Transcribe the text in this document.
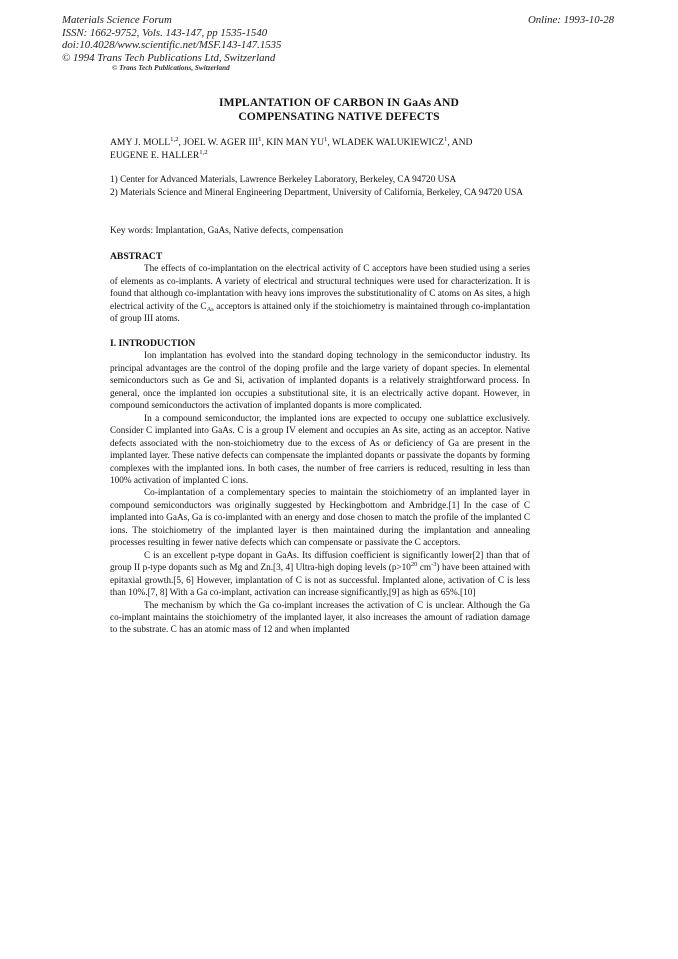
Materials Science Forum
ISSN: 1662-9752, Vols. 143-147, pp 1535-1540
doi:10.4028/www.scientific.net/MSF.143-147.1535
© 1994 Trans Tech Publications Ltd, Switzerland
Online: 1993-10-28
© Trans Tech Publications, Switzerland
IMPLANTATION OF CARBON IN GaAs AND
COMPENSATING NATIVE DEFECTS
AMY J. MOLL$^{1,2}$, JOEL W. AGER III$^1$, KIN MAN $YU^1$, WLADEK WALUKIEWICZ$^1$, AND
EUGENE E. HALLER$^{1,2}$

1) Center for Advanced Materials, Lawrence Berkeley Laboratory, Berkeley, CA 94720 USA

2) Materials Science and Mineral Engineering Department, University of California, Berkeley, CA 94720 USA

Key words: Implantation, GaAs, Native defects, compensation
ABSTRACT

The effects of co-implantation on the electrical activity of C acceptors have been studied using a series of elements as co-implants. A variety of electrical and structural techniques were used for characterization. It is found that although co-implantation with heavy ions improves the substitutionality of C atoms on As sites, a high electrical activity of the $C_{As}$ acceptors is attained only if the stoichiometry is maintained through co-implantation of group III atoms.

I. INTRODUCTION

Ion implantation has evolved into the standard doping technology in the semiconductor industry. Its principal advantages are the control of the doping profile and the large variety of dopant species. In elemental semiconductors such as Ge and Si, activation of implanted dopants is a relatively straightforward process. In general, once the implanted ion occupies a substitutional site, it is an electrically active dopant. However, in compound semiconductors the activation of implanted dopants is more complicated.

In a compound semiconductor, the implanted ions are expected to occupy one sublattice exclusively. Consider C implanted into GaAs. C is a group IV element and occupies an As site, acting as an acceptor. Native defects associated with the non-stoichiometry due to the excess of As or deficiency of Ga are present in the implanted layer. These native defects can compensate the implanted dopants or passivate the dopants by forming complexes with the implanted ions. In both cases, the number of free carriers is reduced, resulting in less than 100% activation of implanted C ions.

Co-implantation of a complementary species to maintain the stoichiometry of an implanted layer in compound semiconductors was originally suggested by Heckingbottom and Ambridge.[1] In the case of C implanted into GaAs, Ga is co-implanted with an energy and dose chosen to match the profile of the implanted C ions. The stoichiometry of the implanted layer is then maintained during the implantation and annealing processes resulting in fewer native defects which can compensate or passivate the C acceptors.

C is an excellent p-type dopant in GaAs. Its diffusion coefficient is significantly lower[2] than that of group II p-type dopants such as Mg and Zn.[3, 4] Ultra-high doping levels ($p>10^{20}$ $cm^{-3}$) have been attained with epitaxial growth.[5, 6] However, implantation of C is not as successful. Implanted alone, activation of C is less than 10%.[7, 8] With a Ga co-implant, activation can increase significantly,[9] as high as 65%.[10]

The mechanism by which the Ga co-implant increases the activation of C is unclear. Although the Ga co-implant maintains the stoichiometry of the implanted layer, it also increases the amount of radiation damage to the substrate. C has an atomic mass of 12 and when implanted
